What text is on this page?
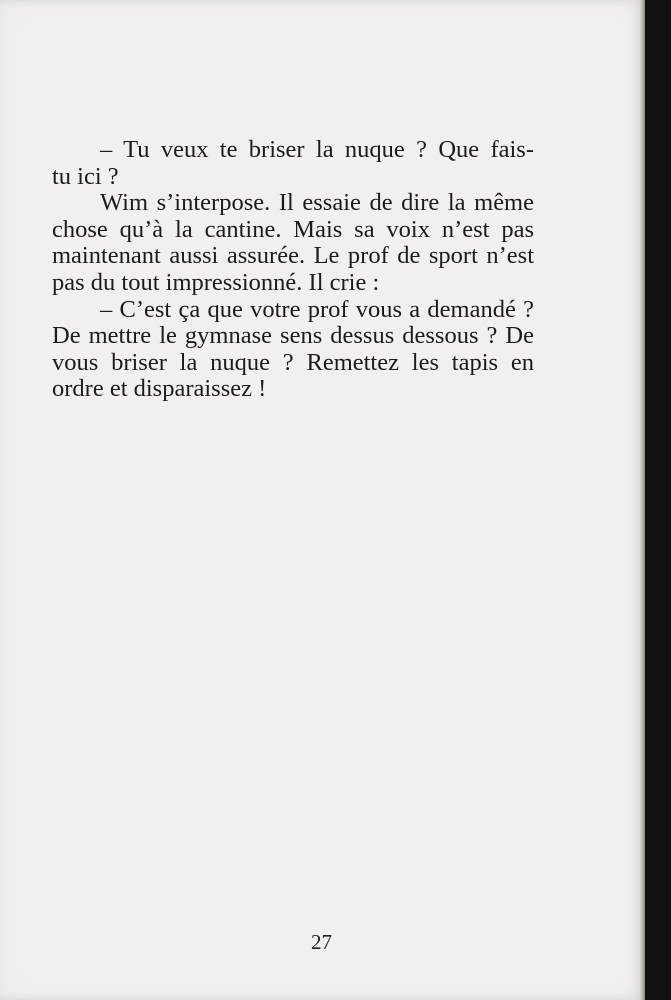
– Tu veux te briser la nuque ? Que fais-
tu ici ?
Wim s’interpose. Il essaie de dire la même
chose qu’à la cantine. Mais sa voix n’est pas
maintenant aussi assurée. Le prof de sport n’est
pas du tout impressionné. Il crie :
– C’est ça que votre prof vous a demandé ?
De mettre le gymnase sens dessus dessous ? De
vous briser la nuque ? Remettez les tapis en
ordre et disparaissez !
27
